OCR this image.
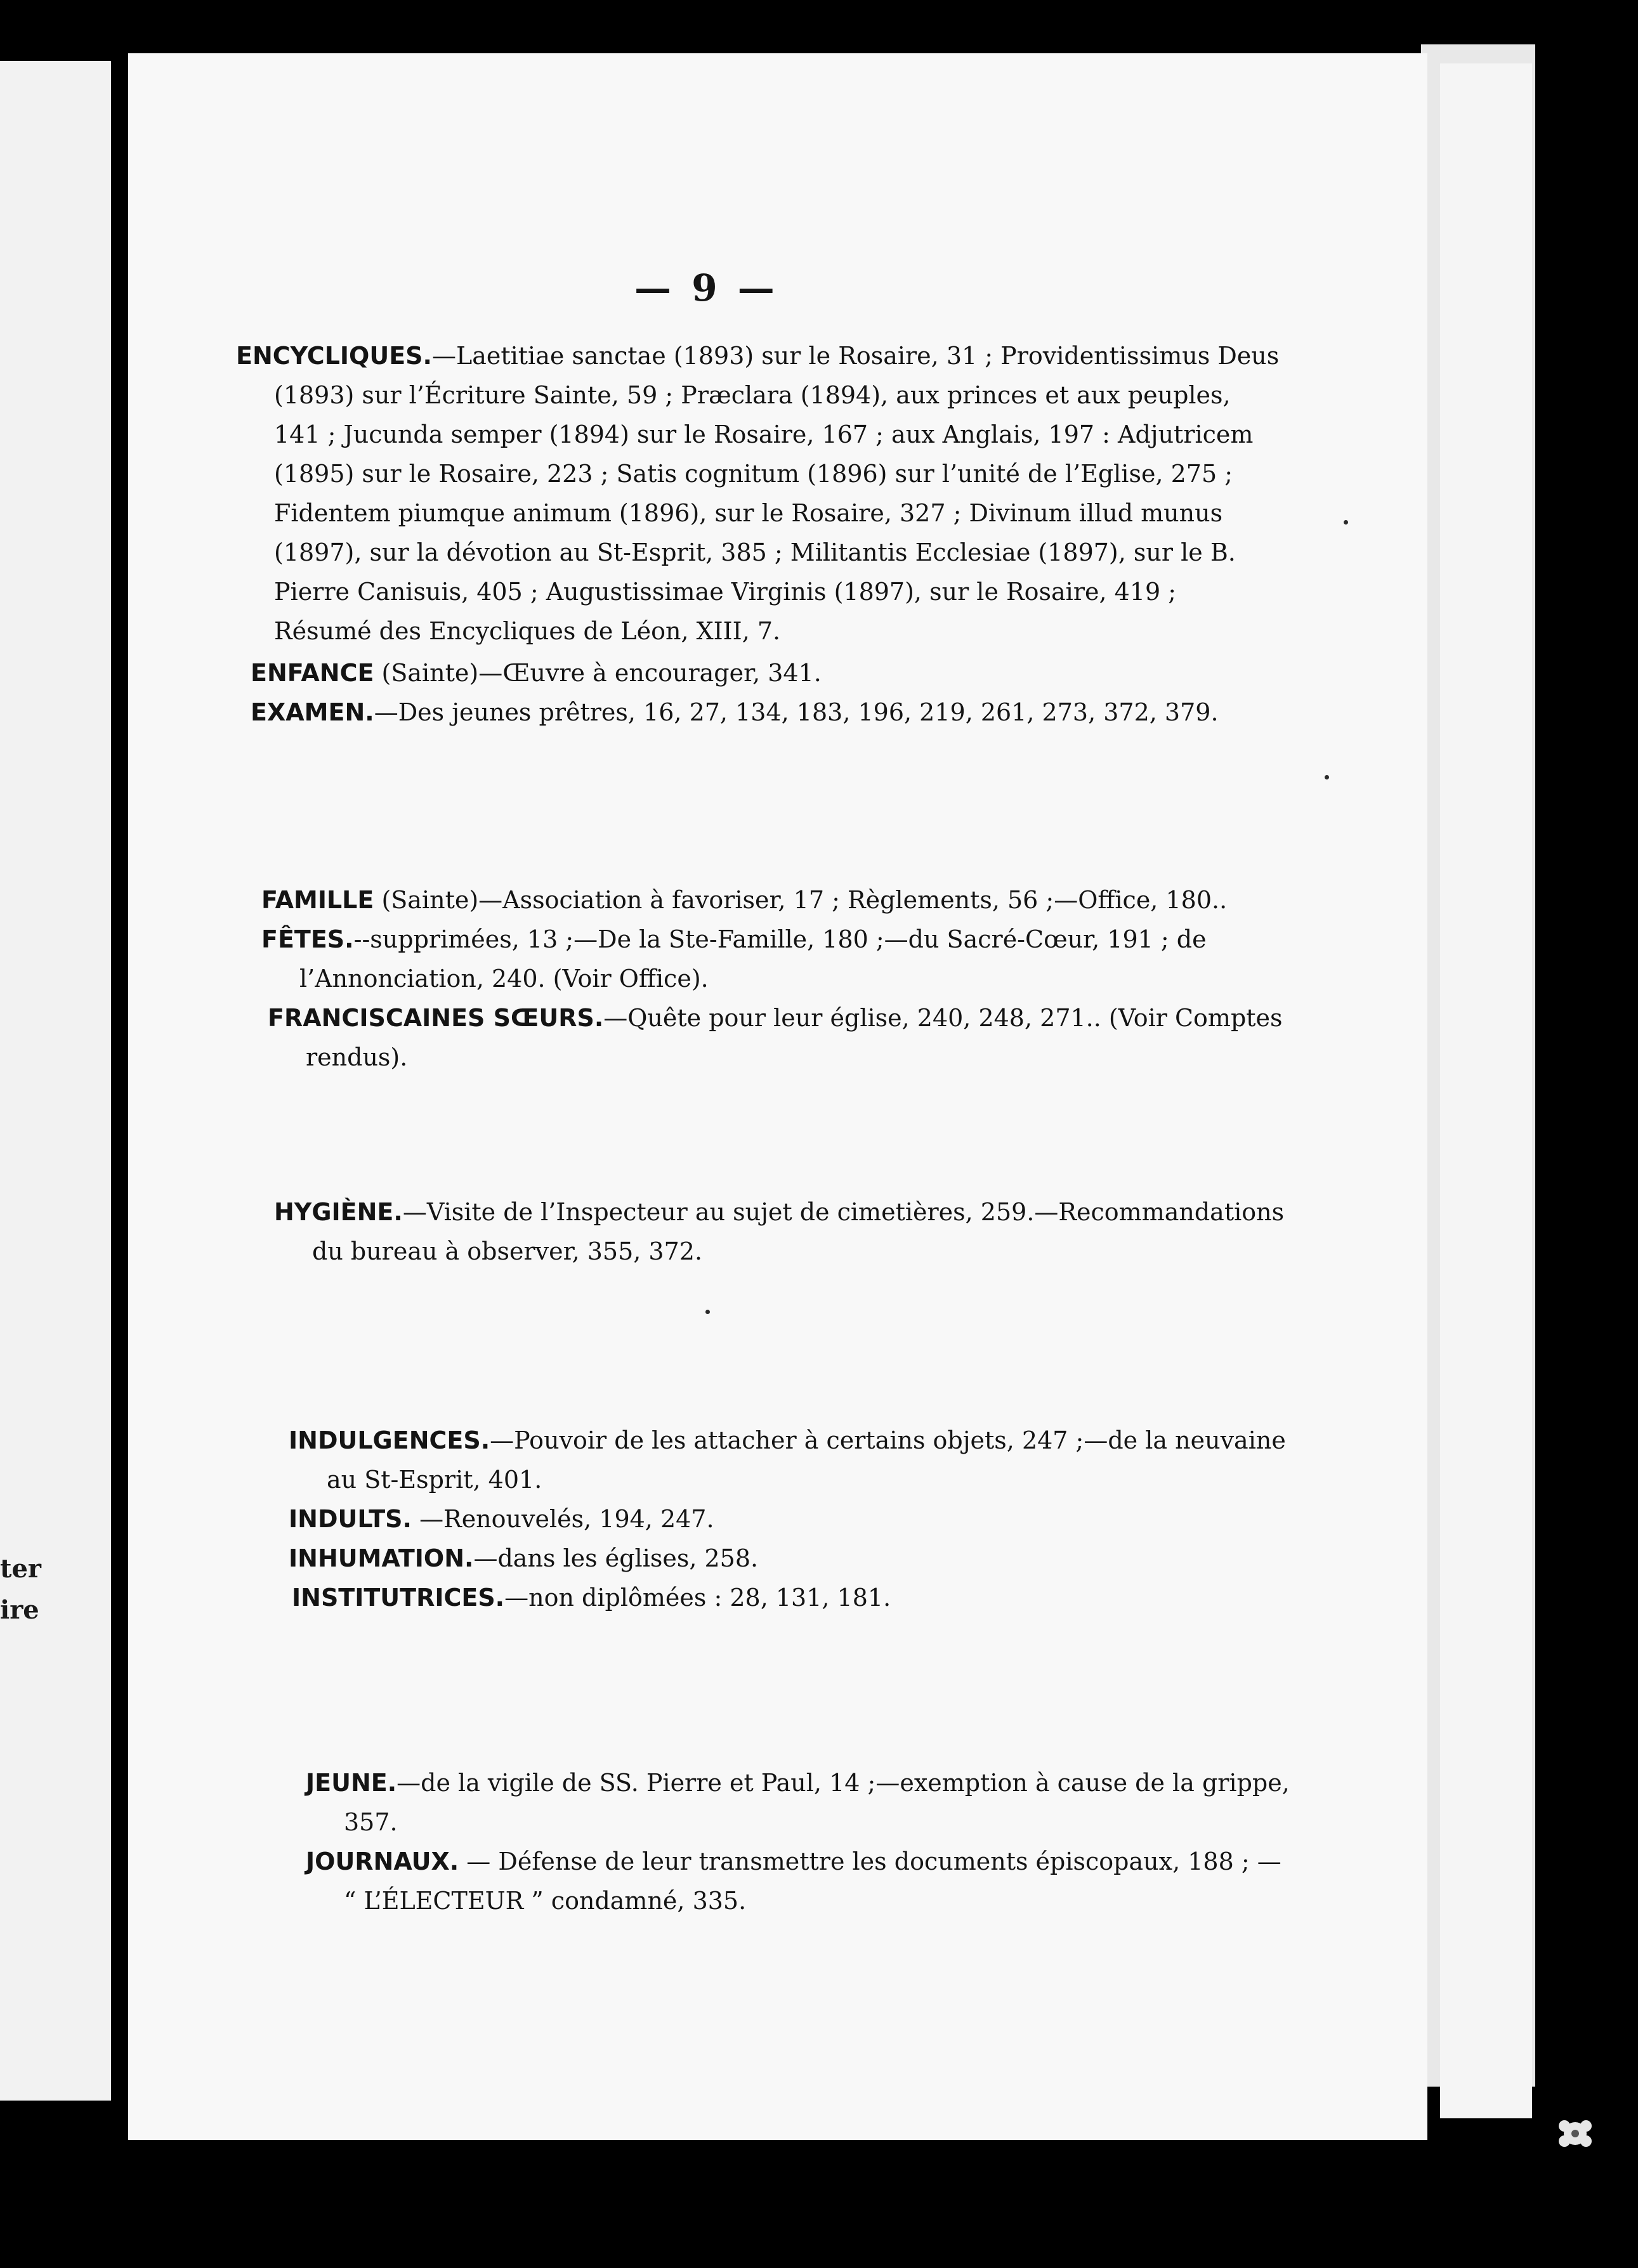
ter
ire
— 9 —
ENCYCLIQUES.—Laetitiae sanctae (1893) sur le Rosaire, 31 ; Providentissimus Deus
(1893) sur l’Écriture Sainte, 59 ; Præclara (1894), aux princes et aux peuples,
141 ; Jucunda semper (1894) sur le Rosaire, 167 ; aux Anglais, 197 : Adjutricem
(1895) sur le Rosaire, 223 ; Satis cognitum (1896) sur l’unité de l’Eglise, 275 ;
Fidentem piumque animum (1896), sur le Rosaire, 327 ; Divinum illud munus
(1897), sur la dévotion au St-Esprit, 385 ; Militantis Ecclesiae (1897), sur le B.
Pierre Canisuis, 405 ; Augustissimae Virginis (1897), sur le Rosaire, 419 ;
Résumé des Encycliques de Léon, XIII, 7.
ENFANCE (Sainte)—Œuvre à encourager, 341.
EXAMEN.—Des jeunes prêtres, 16, 27, 134, 183, 196, 219, 261, 273, 372, 379.
FAMILLE (Sainte)—Association à favoriser, 17 ; Règlements, 56 ;—Office, 180..
FÊTES.--supprimées, 13 ;—De la Ste-Famille, 180 ;—du Sacré-Cœur, 191 ; de
l’Annonciation, 240. (Voir Office).
FRANCISCAINES SŒURS.—Quête pour leur église, 240, 248, 271.. (Voir Comptes
rendus).
HYGIÈNE.—Visite de l’Inspecteur au sujet de cimetières, 259.—Recommandations
du bureau à observer, 355, 372.
INDULGENCES.—Pouvoir de les attacher à certains objets, 247 ;—de la neuvaine
au St-Esprit, 401.
INDULTS. —Renouvelés, 194, 247.
INHUMATION.—dans les églises, 258.
INSTITUTRICES.—non diplômées : 28, 131, 181.
JEUNE.—de la vigile de SS. Pierre et Paul, 14 ;—exemption à cause de la grippe,
357.
JOURNAUX. — Défense de leur transmettre les documents épiscopaux, 188 ; —
“ L’ÉLECTEUR ” condamné, 335.
